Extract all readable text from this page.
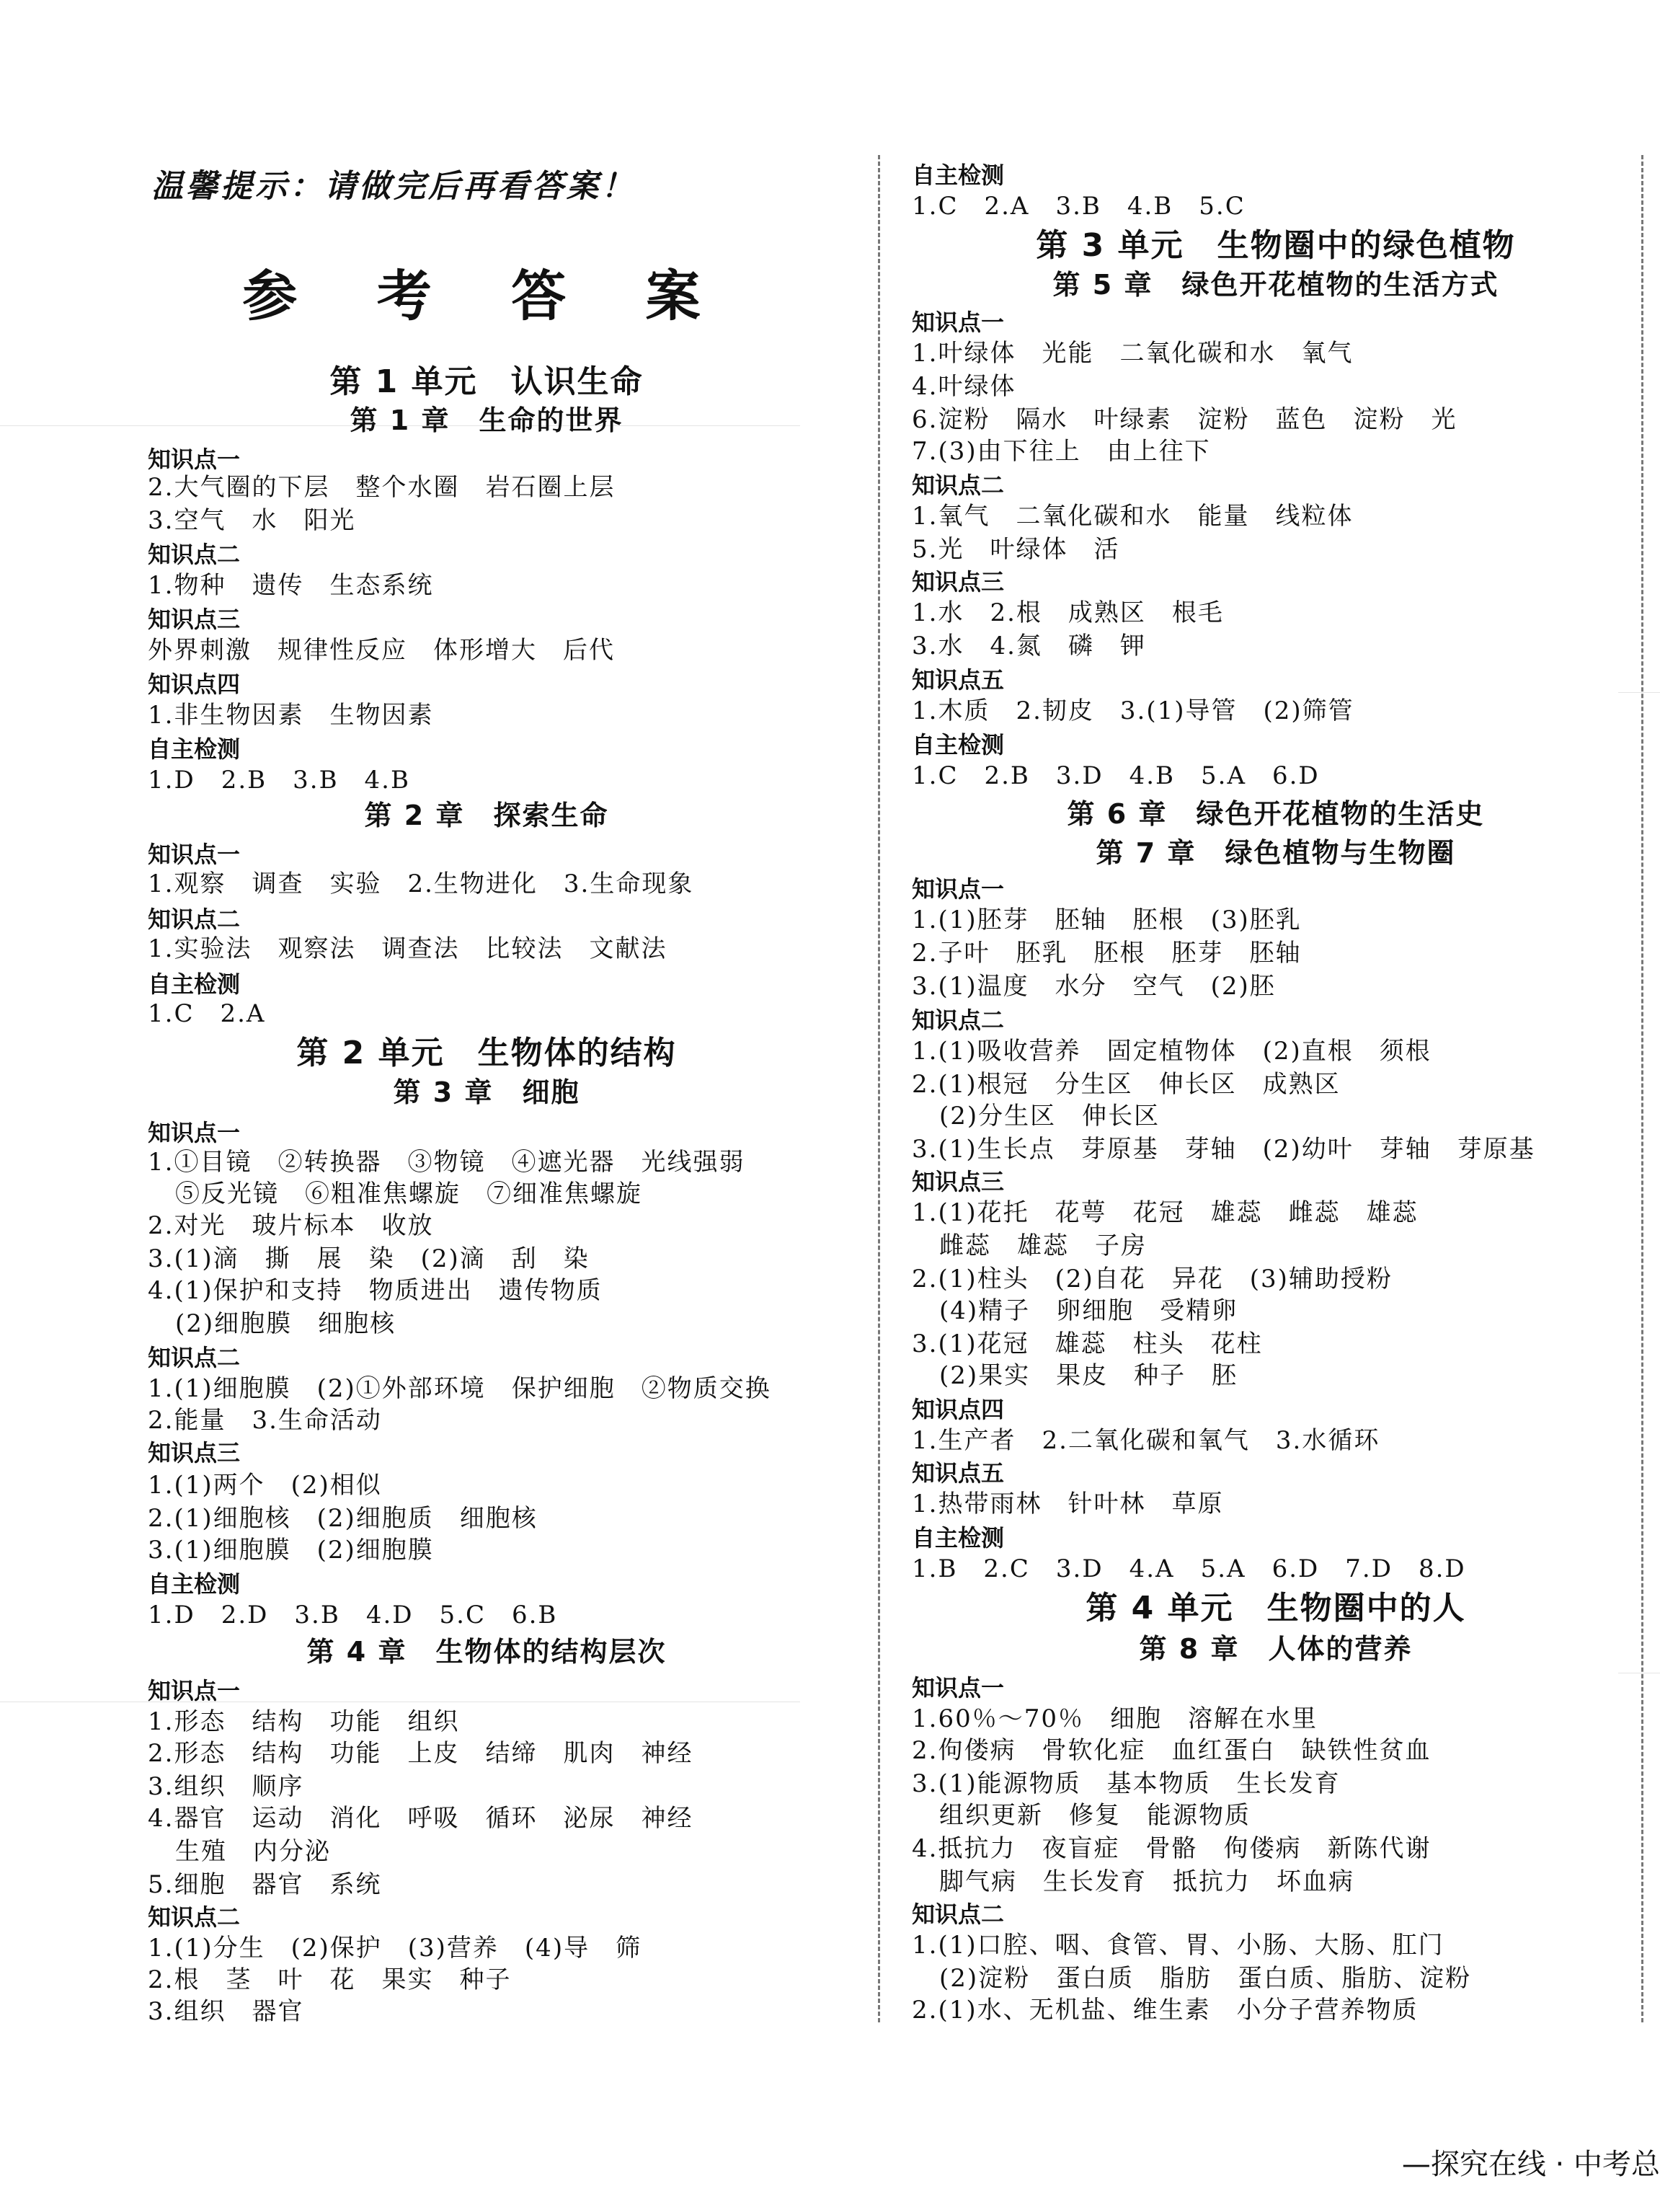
温馨提示：请做完后再看答案！
参 考 答 案
第 1 单元　认识生命
第 1 章　生命的世界
知识点一
2.大气圈的下层　整个水圈　岩石圈上层
3.空气　水　阳光
知识点二
1.物种　遗传　生态系统
知识点三
外界刺激　规律性反应　体形增大　后代
知识点四
1.非生物因素　生物因素
自主检测
1.D　2.B　3.B　4.B
第 2 章　探索生命
知识点一
1.观察　调查　实验　2.生物进化　3.生命现象
知识点二
1.实验法　观察法　调查法　比较法　文献法
自主检测
1.C　2.A
第 2 单元　生物体的结构
第 3 章　细胞
知识点一
1.①目镜　②转换器　③物镜　④遮光器　光线强弱
⑤反光镜　⑥粗准焦螺旋　⑦细准焦螺旋
2.对光　玻片标本　收放
3.(1)滴　撕　展　染　(2)滴　刮　染
4.(1)保护和支持　物质进出　遗传物质
(2)细胞膜　细胞核
知识点二
1.(1)细胞膜　(2)①外部环境　保护细胞　②物质交换
2.能量　3.生命活动
知识点三
1.(1)两个　(2)相似
2.(1)细胞核　(2)细胞质　细胞核
3.(1)细胞膜　(2)细胞膜
自主检测
1.D　2.D　3.B　4.D　5.C　6.B
第 4 章　生物体的结构层次
知识点一
1.形态　结构　功能　组织
2.形态　结构　功能　上皮　结缔　肌肉　神经
3.组织　顺序
4.器官　运动　消化　呼吸　循环　泌尿　神经
生殖　内分泌
5.细胞　器官　系统
知识点二
1.(1)分生　(2)保护　(3)营养　(4)导　筛
2.根　茎　叶　花　果实　种子
3.组织　器官
自主检测
1.C　2.A　3.B　4.B　5.C
第 3 单元　生物圈中的绿色植物
第 5 章　绿色开花植物的生活方式
知识点一
1.叶绿体　光能　二氧化碳和水　氧气
4.叶绿体
6.淀粉　隔水　叶绿素　淀粉　蓝色　淀粉　光
7.(3)由下往上　由上往下
知识点二
1.氧气　二氧化碳和水　能量　线粒体
5.光　叶绿体　活
知识点三
1.水　2.根　成熟区　根毛
3.水　4.氮　磷　钾
知识点五
1.木质　2.韧皮　3.(1)导管　(2)筛管
自主检测
1.C　2.B　3.D　4.B　5.A　6.D
第 6 章　绿色开花植物的生活史
第 7 章　绿色植物与生物圈
知识点一
1.(1)胚芽　胚轴　胚根　(3)胚乳
2.子叶　胚乳　胚根　胚芽　胚轴
3.(1)温度　水分　空气　(2)胚
知识点二
1.(1)吸收营养　固定植物体　(2)直根　须根
2.(1)根冠　分生区　伸长区　成熟区
(2)分生区　伸长区
3.(1)生长点　芽原基　芽轴　(2)幼叶　芽轴　芽原基
知识点三
1.(1)花托　花萼　花冠　雄蕊　雌蕊　雄蕊
雌蕊　雄蕊　子房
2.(1)柱头　(2)自花　异花　(3)辅助授粉
(4)精子　卵细胞　受精卵
3.(1)花冠　雄蕊　柱头　花柱
(2)果实　果皮　种子　胚
知识点四
1.生产者　2.二氧化碳和氧气　3.水循环
知识点五
1.热带雨林　针叶林　草原
自主检测
1.B　2.C　3.D　4.A　5.A　6.D　7.D　8.D
第 4 单元　生物圈中的人
第 8 章　人体的营养
知识点一
1.60％～70％　细胞　溶解在水里
2.佝偻病　骨软化症　血红蛋白　缺铁性贫血
3.(1)能源物质　基本物质　生长发育
组织更新　修复　能源物质
4.抵抗力　夜盲症　骨骼　佝偻病　新陈代谢
脚气病　生长发育　抵抗力　坏血病
知识点二
1.(1)口腔、咽、食管、胃、小肠、大肠、肛门
(2)淀粉　蛋白质　脂肪　蛋白质、脂肪、淀粉
2.(1)水、无机盐、维生素　小分子营养物质
—探究在线 · 中考总
